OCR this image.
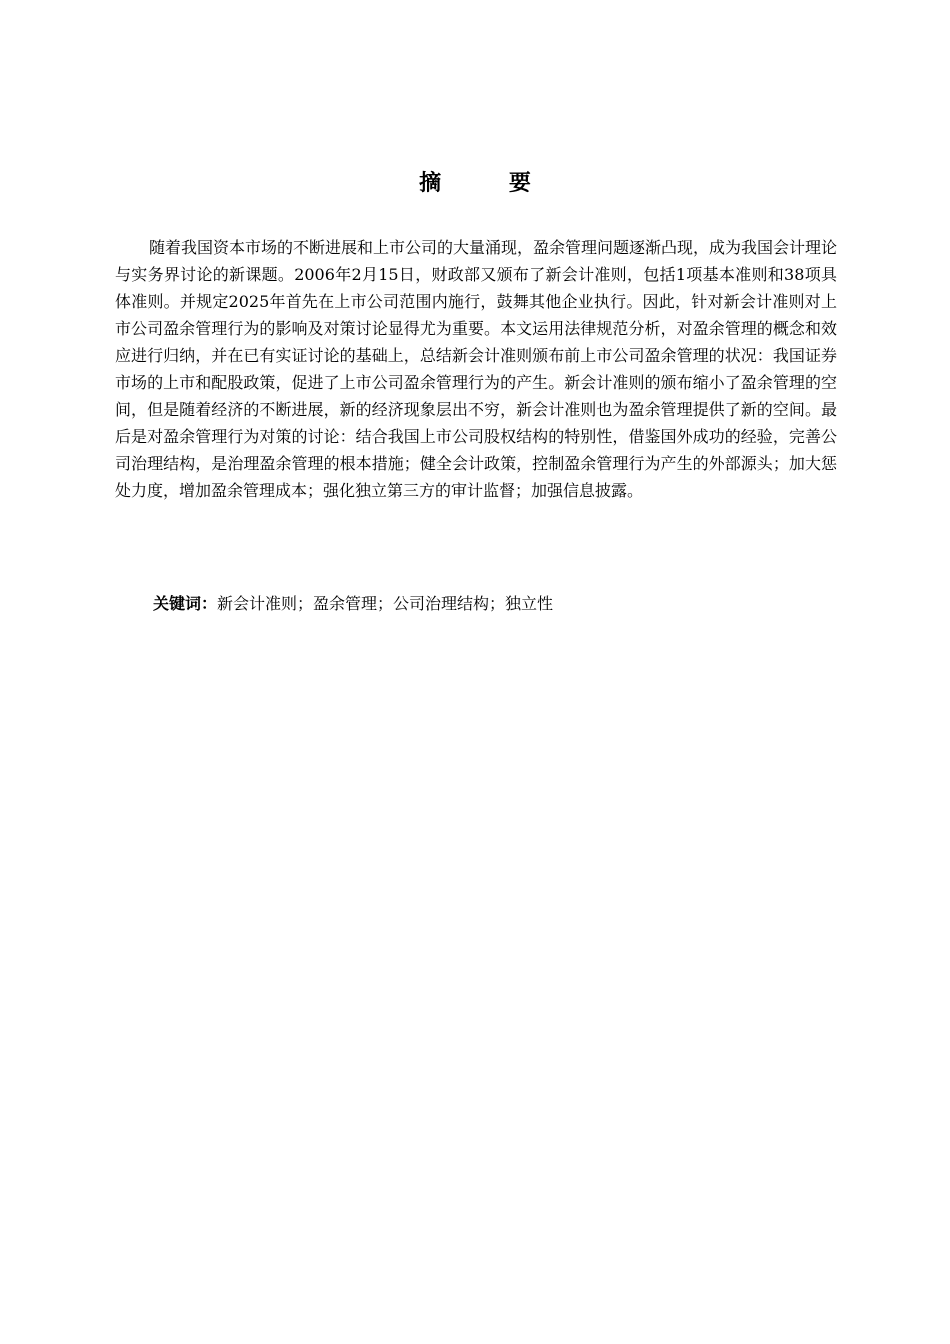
摘 要

随着我国资本市场的不断进展和上市公司的大量涌现，盈余管理问题逐渐凸现，成为我国会计理论与实务界讨论的新课题。2006年2月15日，财政部又颁布了新会计准则，包括1项基本准则和38项具体准则。并规定2025年首先在上市公司范围内施行，鼓舞其他企业执行。因此，针对新会计准则对上市公司盈余管理行为的影响及对策讨论显得尤为重要。本文运用法律规范分析，对盈余管理的概念和效应进行归纳，并在已有实证讨论的基础上，总结新会计准则颁布前上市公司盈余管理的状况：我国证券市场的上市和配股政策，促进了上市公司盈余管理行为的产生。新会计准则的颁布缩小了盈余管理的空间，但是随着经济的不断进展，新的经济现象层出不穷，新会计准则也为盈余管理提供了新的空间。最后是对盈余管理行为对策的讨论：结合我国上市公司股权结构的特别性，借鉴国外成功的经验，完善公司治理结构，是治理盈余管理的根本措施；健全会计政策，控制盈余管理行为产生的外部源头；加大惩处力度，增加盈余管理成本；强化独立第三方的审计监督；加强信息披露。

关键词：新会计准则；盈余管理；公司治理结构；独立性
